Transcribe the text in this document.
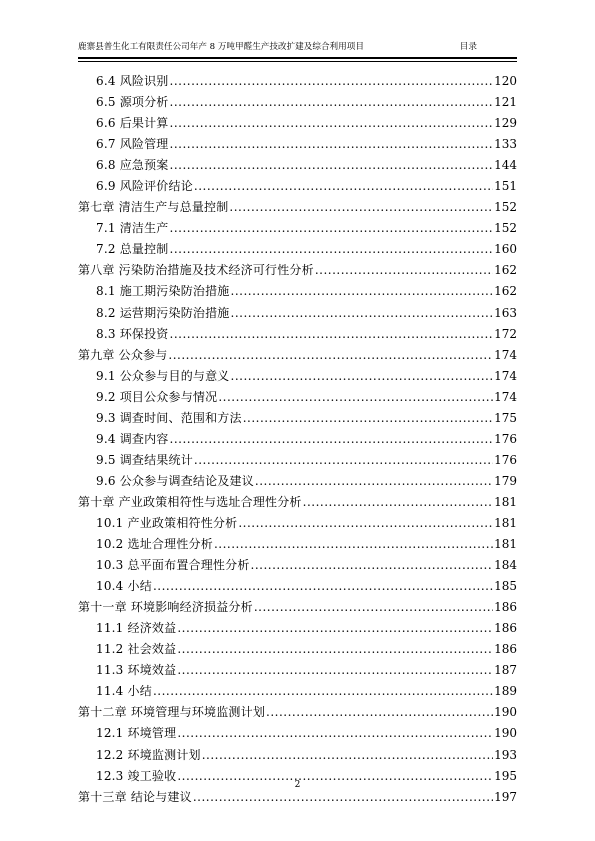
鹿寨县普生化工有限责任公司年产 8 万吨甲醛生产技改扩建及综合利用项目	目录
6.4 风险识别 .....	120
6.5 源项分析 .....	121
6.6 后果计算 .....	129
6.7 风险管理 .....	133
6.8 应急预案 .....	144
6.9 风险评价结论 .....	151
第七章 清洁生产与总量控制 .....	152
7.1 清洁生产 .....	152
7.2 总量控制 .....	160
第八章 污染防治措施及技术经济可行性分析 .....	162
8.1 施工期污染防治措施 .....	162
8.2 运营期污染防治措施 .....	163
8.3 环保投资 .....	172
第九章 公众参与 .....	174
9.1 公众参与目的与意义 .....	174
9.2 项目公众参与情况 .....	174
9.3 调查时间、范围和方法 .....	175
9.4 调查内容 .....	176
9.5 调查结果统计 .....	176
9.6 公众参与调查结论及建议 .....	179
第十章 产业政策相符性与选址合理性分析 .....	181
10.1 产业政策相符性分析 .....	181
10.2 选址合理性分析 .....	181
10.3 总平面布置合理性分析 .....	184
10.4 小结 .....	185
第十一章 环境影响经济损益分析 .....	186
11.1 经济效益 .....	186
11.2 社会效益 .....	186
11.3 环境效益 .....	187
11.4 小结 .....	189
第十二章 环境管理与环境监测计划 .....	190
12.1 环境管理 .....	190
12.2 环境监测计划 .....	193
12.3 竣工验收 .....	195
第十三章 结论与建议 .....	197
2
